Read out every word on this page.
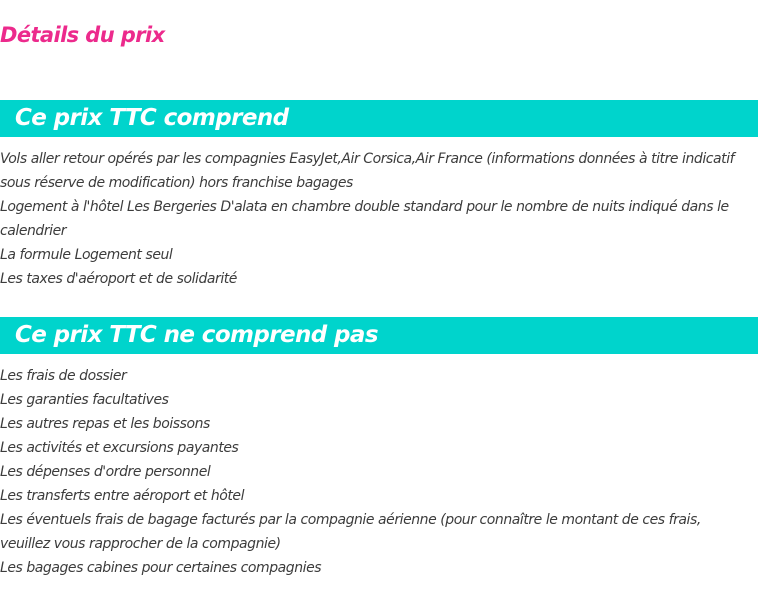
Détails du prix
Ce prix TTC comprend
Vols aller retour opérés par les compagnies EasyJet,Air Corsica,Air France (informations données à titre indicatif sous réserve de modification) hors franchise bagages
Logement à l'hôtel Les Bergeries D'alata en chambre double standard pour le nombre de nuits indiqué dans le calendrier
La formule Logement seul
Les taxes d'aéroport et de solidarité
Ce prix TTC ne comprend pas
Les frais de dossier
Les garanties facultatives
Les autres repas et les boissons
Les activités et excursions payantes
Les dépenses d'ordre personnel
Les transferts entre aéroport et hôtel
Les éventuels frais de bagage facturés par la compagnie aérienne (pour connaître le montant de ces frais, veuillez vous rapprocher de la compagnie)
Les bagages cabines pour certaines compagnies
